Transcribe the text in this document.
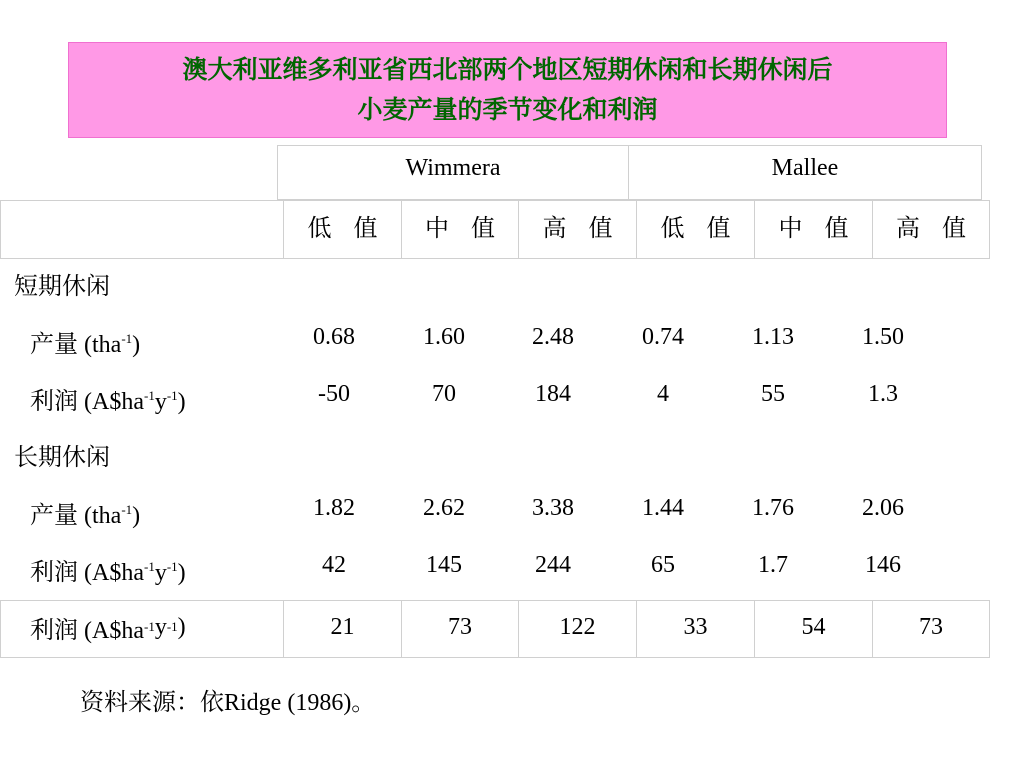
澳大利亚维多利亚省西北部两个地区短期休闲和长期休闲后
小麦产量的季节变化和利润
Wimmera	Mallee
低 值	中 值	高 值	低 值	中 值	高 值
短期休闲
产量 (tha$^{-1}$)	0.68	1.60	2.48	0.74	1.13	1.50
利润 $(A\$ha^{-1}y^{-1})$	-50	70	184	4	55	1.3
长期休闲
产量 (tha$^{-1}$)	1.82	2.62	3.38	1.44	1.76	2.06
利润 $(A\$ha^{-1}y^{-1})$	42	145	244	65	1.7	146
利润 (A$ha -1 y -1 )	21	73	122	33	54	73
资料来源：依Ridge (1986)。
